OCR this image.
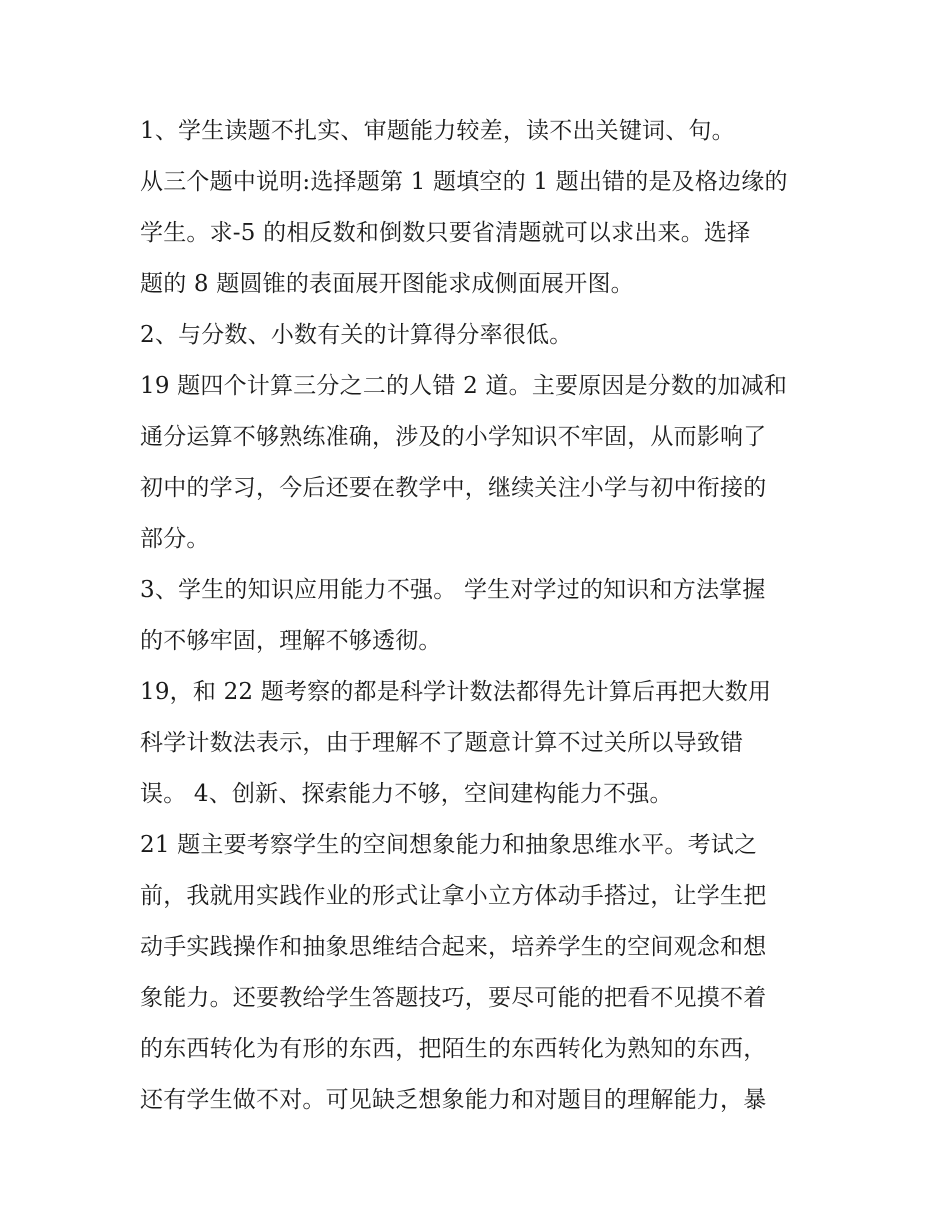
1、学生读题不扎实、审题能力较差，读不出关键词、句。

从三个题中说明:选择题第 1 题填空的 1 题出错的是及格边缘的

学生。求-5 的相反数和倒数只要省清题就可以求出来。选择

题的 8 题圆锥的表面展开图能求成侧面展开图。

2、与分数、小数有关的计算得分率很低。

19 题四个计算三分之二的人错 2 道。主要原因是分数的加减和

通分运算不够熟练准确，涉及的小学知识不牢固，从而影响了

初中的学习，今后还要在教学中，继续关注小学与初中衔接的

部分。

3、学生的知识应用能力不强。 学生对学过的知识和方法掌握

的不够牢固，理解不够透彻。

19，和 22 题考察的都是科学计数法都得先计算后再把大数用

科学计数法表示，由于理解不了题意计算不过关所以导致错

误。 4、创新、探索能力不够，空间建构能力不强。

21 题主要考察学生的空间想象能力和抽象思维水平。考试之

前，我就用实践作业的形式让拿小立方体动手搭过，让学生把

动手实践操作和抽象思维结合起来，培养学生的空间观念和想

象能力。还要教给学生答题技巧，要尽可能的把看不见摸不着

的东西转化为有形的东西，把陌生的东西转化为熟知的东西，

还有学生做不对。可见缺乏想象能力和对题目的理解能力，暴
